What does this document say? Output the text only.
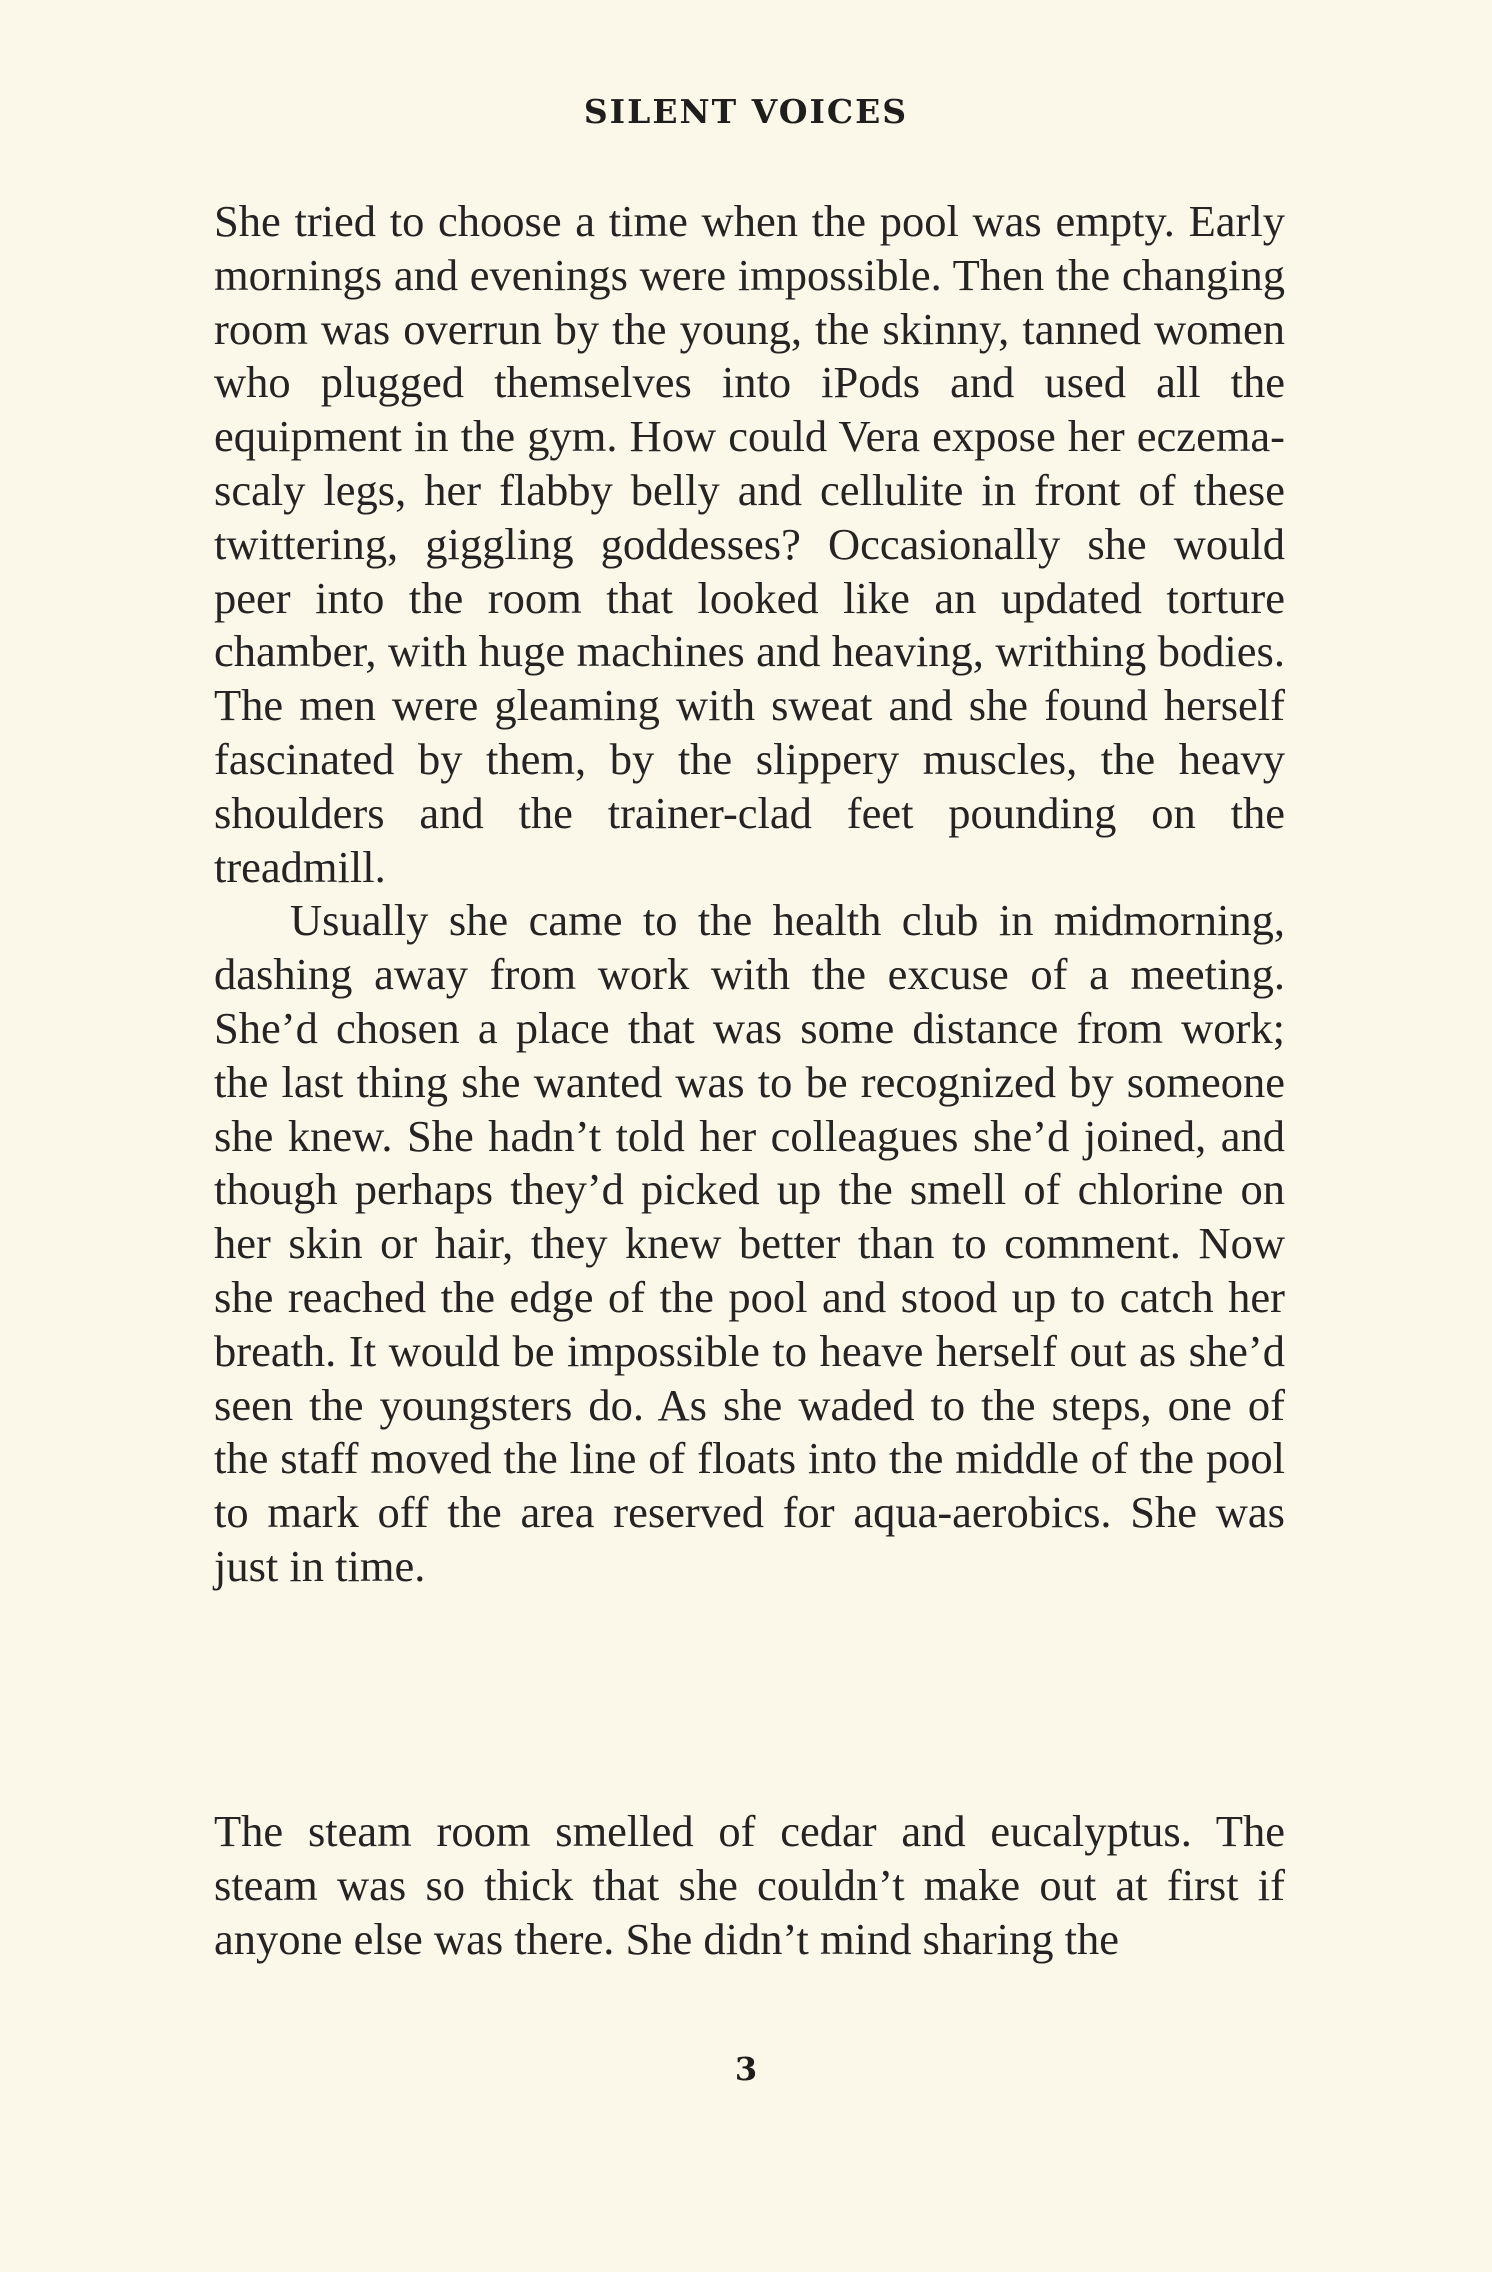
SILENT VOICES

She tried to choose a time when the pool was empty. Early mornings and evenings were impossible. Then the changing room was overrun by the young, the skinny, tanned women who plugged themselves into iPods and used all the equipment in the gym. How could Vera expose her eczema-scaly legs, her flabby belly and cellulite in front of these twittering, giggling goddesses? Occasionally she would peer into the room that looked like an updated torture chamber, with huge machines and heaving, writhing bodies. The men were gleaming with sweat and she found herself fascinated by them, by the slippery muscles, the heavy shoulders and the trainer-clad feet pounding on the treadmill.

Usually she came to the health club in midmorning, dashing away from work with the excuse of a meeting. She’d chosen a place that was some distance from work; the last thing she wanted was to be recognized by someone she knew. She hadn’t told her colleagues she’d joined, and though perhaps they’d picked up the smell of chlorine on her skin or hair, they knew better than to comment. Now she reached the edge of the pool and stood up to catch her breath. It would be impossible to heave herself out as she’d seen the youngsters do. As she waded to the steps, one of the staff moved the line of floats into the middle of the pool to mark off the area reserved for aqua-aerobics. She was just in time.

The steam room smelled of cedar and eucalyptus. The steam was so thick that she couldn’t make out at first if anyone else was there. She didn’t mind sharing the

3
